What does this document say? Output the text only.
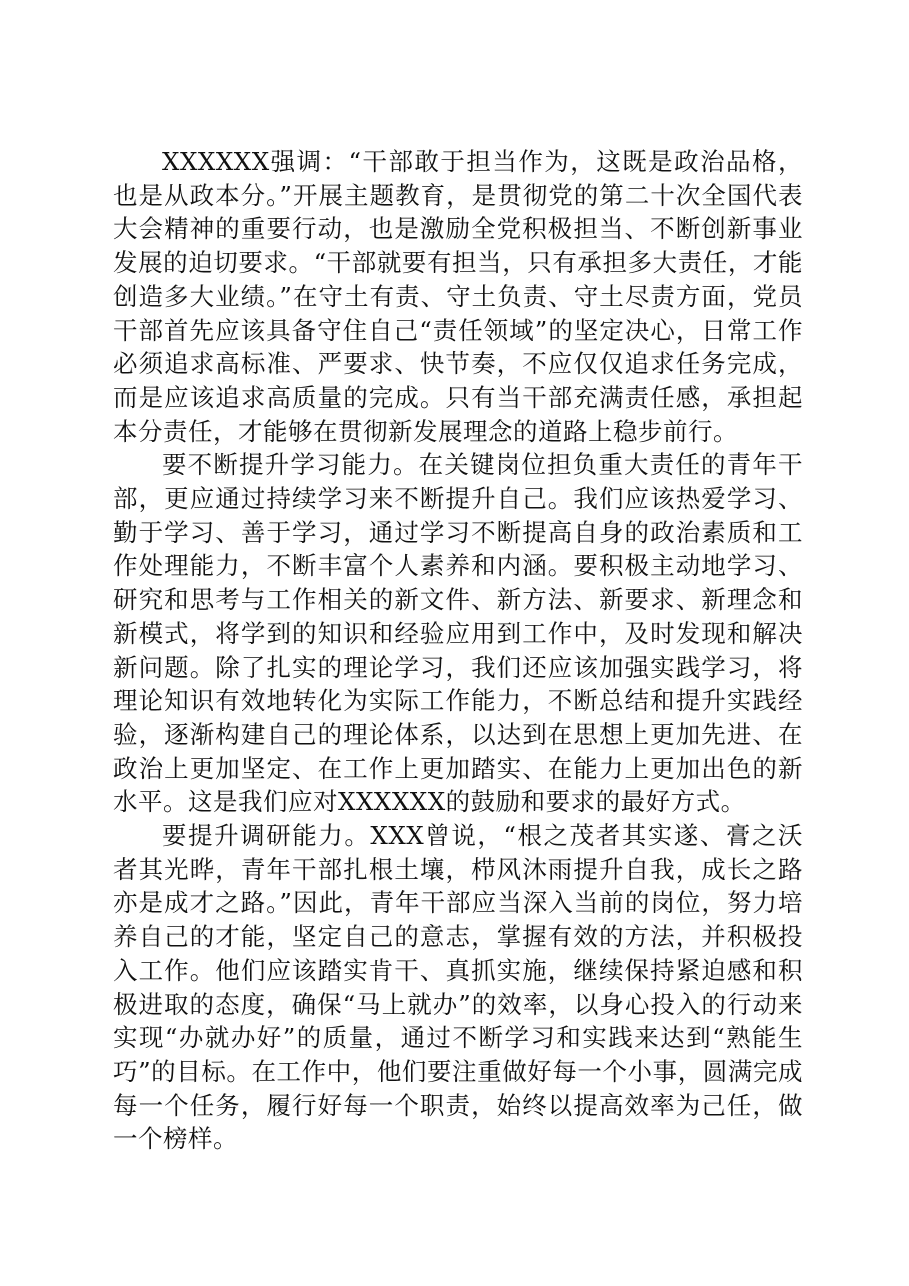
XXXXXX强调：“干部敢于担当作为，这既是政治品格，也是从政本分。”开展主题教育，是贯彻党的第二十次全国代表大会精神的重要行动，也是激励全党积极担当、不断创新事业发展的迫切要求。“干部就要有担当，只有承担多大责任，才能创造多大业绩。”在守土有责、守土负责、守土尽责方面，党员干部首先应该具备守住自己“责任领域”的坚定决心，日常工作必须追求高标准、严要求、快节奏，不应仅仅追求任务完成，而是应该追求高质量的完成。只有当干部充满责任感，承担起本分责任，才能够在贯彻新发展理念的道路上稳步前行。

要不断提升学习能力。在关键岗位担负重大责任的青年干部，更应通过持续学习来不断提升自己。我们应该热爱学习、勤于学习、善于学习，通过学习不断提高自身的政治素质和工作处理能力，不断丰富个人素养和内涵。要积极主动地学习、研究和思考与工作相关的新文件、新方法、新要求、新理念和新模式，将学到的知识和经验应用到工作中，及时发现和解决新问题。除了扎实的理论学习，我们还应该加强实践学习，将理论知识有效地转化为实际工作能力，不断总结和提升实践经验，逐渐构建自己的理论体系，以达到在思想上更加先进、在政治上更加坚定、在工作上更加踏实、在能力上更加出色的新水平。这是我们应对XXXXXX的鼓励和要求的最好方式。

要提升调研能力。XXX曾说，“根之茂者其实遂、膏之沃者其光晔，青年干部扎根土壤，栉风沐雨提升自我，成长之路亦是成才之路。”因此，青年干部应当深入当前的岗位，努力培养自己的才能，坚定自己的意志，掌握有效的方法，并积极投入工作。他们应该踏实肯干、真抓实施，继续保持紧迫感和积极进取的态度，确保“马上就办”的效率，以身心投入的行动来实现“办就办好”的质量，通过不断学习和实践来达到“熟能生巧”的目标。在工作中，他们要注重做好每一个小事，圆满完成每一个任务，履行好每一个职责，始终以提高效率为己任，做一个榜样。
